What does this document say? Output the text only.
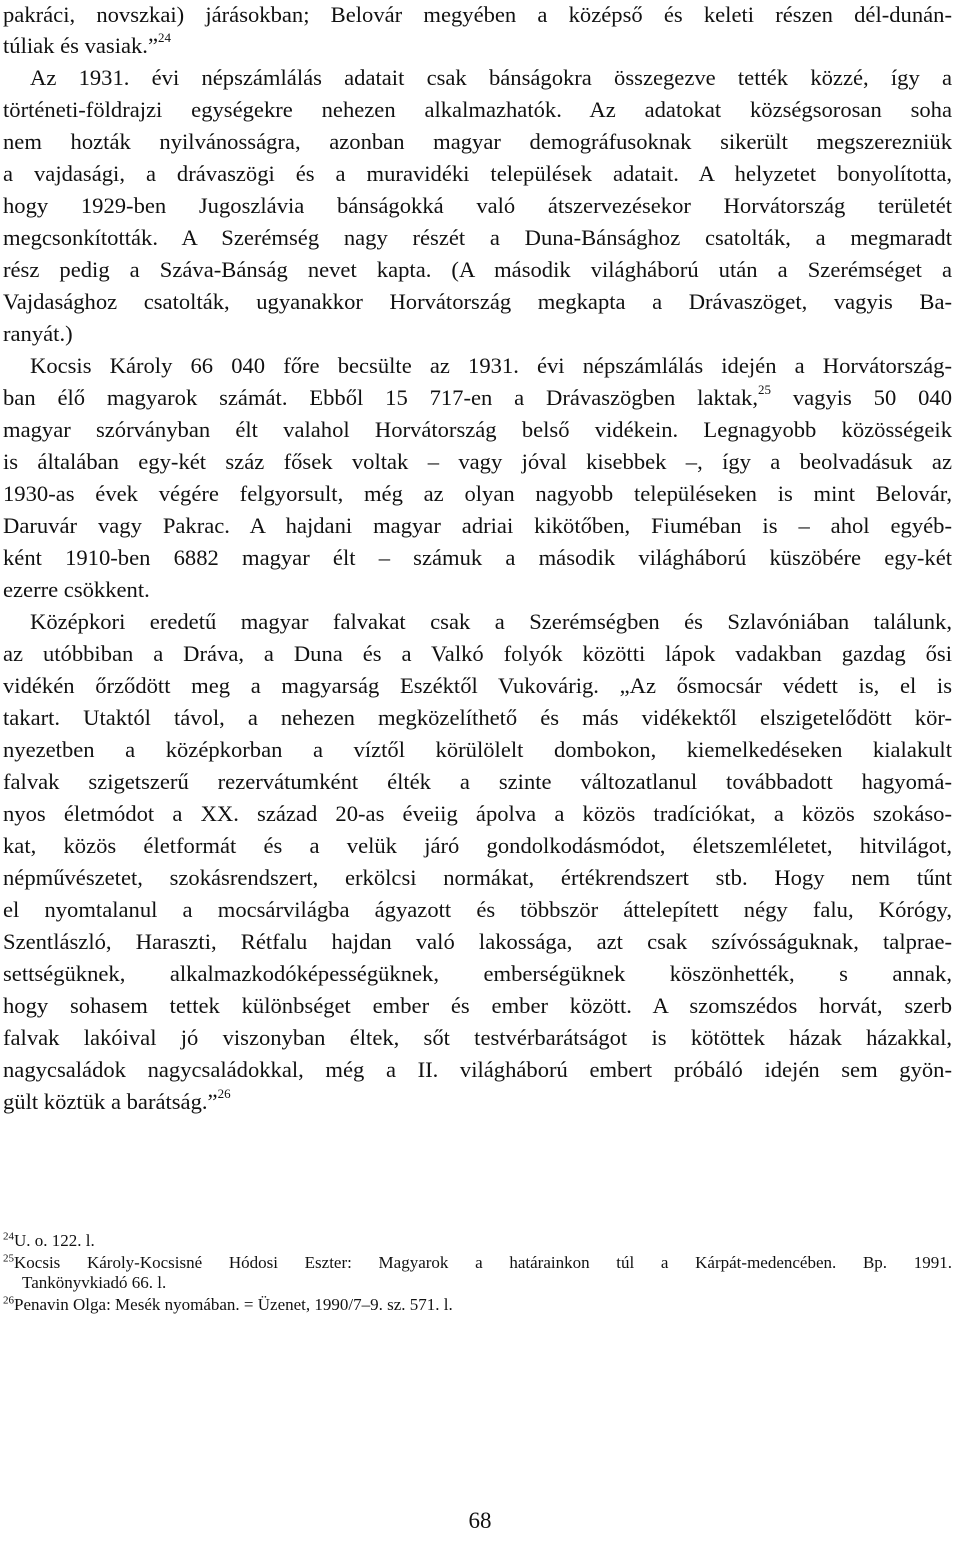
pakráci, novszkai) járásokban; Belovár megyében a középső és keleti részen dél-dunán-

túliak és vasiak.”$^{24}$

Az 1931. évi népszámlálás adatait csak bánságokra összegezve tették közzé, így a

történeti-földrajzi egységekre nehezen alkalmazhatók. Az adatokat községsorosan soha

nem hozták nyilvánosságra, azonban magyar demográfusoknak sikerült megszerezniük

a vajdasági, a drávaszögi és a muravidéki települések adatait. A helyzetet bonyolította,

hogy 1929-ben Jugoszlávia bánságokká való átszervezésekor Horvátország területét

megcsonkították. A Szerémség nagy részét a Duna-Bánsághoz csatolták, a megmaradt

rész pedig a Száva-Bánság nevet kapta. (A második világháború után a Szerémséget a

Vajdasághoz csatolták, ugyanakkor Horvátország megkapta a Drávaszöget, vagyis Ba-

ranyát.)

Kocsis Károly 66 040 főre becsülte az 1931. évi népszámlálás idején a Horvátország-

ban élő magyarok számát. Ebből 15 717-en a Drávaszögben laktak,$^{25}$ vagyis 50 040

magyar szórványban élt valahol Horvátország belső vidékein. Legnagyobb közösségeik

is általában egy-két száz fősek voltak – vagy jóval kisebbek –, így a beolvadásuk az

1930-as évek végére felgyorsult, még az olyan nagyobb településeken is mint Belovár,

Daruvár vagy Pakrac. A hajdani magyar adriai kikötőben, Fiuméban is – ahol egyéb-

ként 1910-ben 6882 magyar élt – számuk a második világháború küszöbére egy-két

ezerre csökkent.

Középkori eredetű magyar falvakat csak a Szerémségben és Szlavóniában találunk,

az utóbbiban a Dráva, a Duna és a Valkó folyók közötti lápok vadakban gazdag ősi

vidékén őrződött meg a magyarság Eszéktől Vukovárig. „Az ősmocsár védett is, el is

takart. Utaktól távol, a nehezen megközelíthető és más vidékektől elszigetelődött kör-

nyezetben a középkorban a víztől körülölelt dombokon, kiemelkedéseken kialakult

falvak szigetszerű rezervátumként élték a szinte változatlanul továbbadott hagyomá-

nyos életmódot a XX. század 20-as éveiig ápolva a közös tradíciókat, a közös szokáso-

kat, közös életformát és a velük járó gondolkodásmódot, életszemléletet, hitvilágot,

népművészetet, szokásrendszert, erkölcsi normákat, értékrendszert stb. Hogy nem tűnt

el nyomtalanul a mocsárvilágba ágyazott és többször áttelepített négy falu, Kórógy,

Szentlászló, Haraszti, Rétfalu hajdan való lakossága, azt csak szívósságuknak, talprae-

settségüknek, alkalmazkodóképességüknek, emberségüknek köszönhették, s annak,

hogy sohasem tettek különbséget ember és ember között. A szomszédos horvát, szerb

falvak lakóival jó viszonyban éltek, sőt testvérbarátságot is kötöttek házak házakkal,

nagycsaládok nagycsaládokkal, még a II. világháború embert próbáló idején sem gyön-

gült köztük a barátság.”$^{26}$

$^{24}$U. o. 122. l.

$^{25}$Kocsis Károly-Kocsisné Hódosi Eszter: Magyarok a határainkon túl a Kárpát-medencében. Bp. 1991.

Tankönyvkiadó 66. l.

$^{26}$Penavin Olga: Mesék nyomában. = Üzenet, 1990/7–9. sz. 571. l.

68
